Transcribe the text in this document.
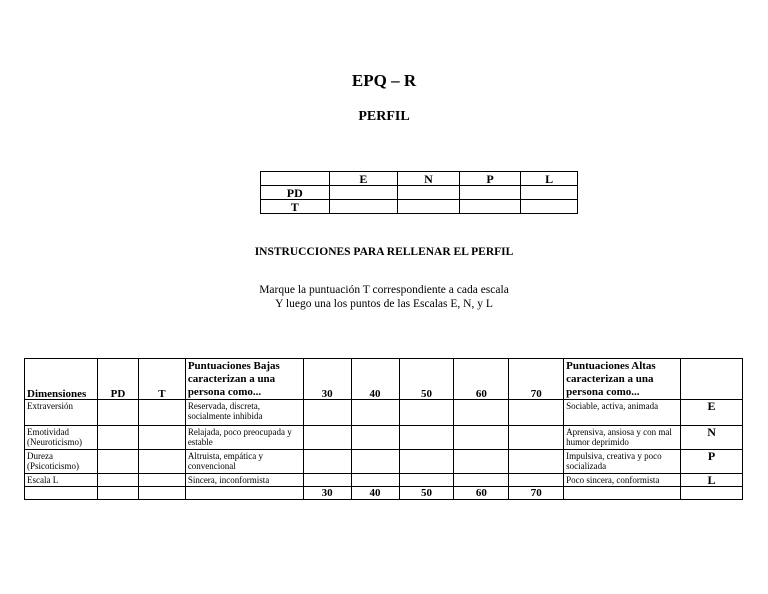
EPQ – R
PERFIL
	E	N	P	L
PD				
T				
INSTRUCCIONES PARA RELLENAR EL PERFIL
Marque la puntuación T correspondiente a cada escala
Y luego una los puntos de las Escalas E, N, y L
Dimensiones	PD	T	Puntuaciones Bajas caracterizan a una persona como...	30	40	50	60	70	Puntuaciones Altas caracterizan a una persona como...	
Extraversión			Reservada, discreta, socialmente inhibida						Sociable, activa, animada	E
Emotividad (Neuroticismo)			Relajada, poco preocupada y estable						Aprensiva, ansiosa y con mal humor deprimido	N
Dureza (Psicoticismo)			Altruista, empática y convencional						Impulsiva, creativa y poco socializada	P
Escala L			Sincera, inconformista						Poco sincera, conformista	L
				30	40	50	60	70		
